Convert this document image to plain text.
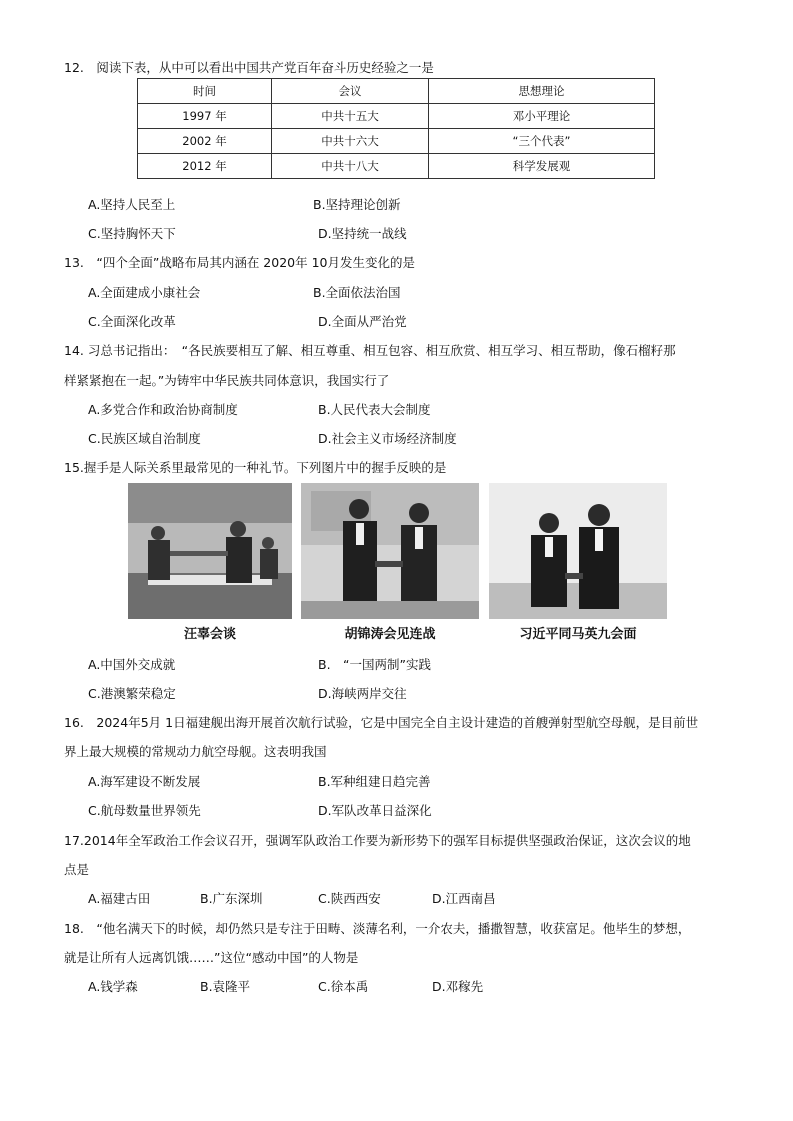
12.　阅读下表，从中可以看出中国共产党百年奋斗历史经验之一是
时间	会议	思想理论
1997 年	中共十五大	邓小平理论
2002 年	中共十六大	“三个代表”
2012 年	中共十八大	科学发展观
A.坚持人民至上	B.坚持理论创新
C.坚持胸怀天下	D.坚持统一战线
13.　“四个全面”战略布局其内涵在 2020年 10月发生变化的是
A.全面建成小康社会	B.全面依法治国
C.全面深化改革	D.全面从严治党
14. 习总书记指出：　“各民族要相互了解、相互尊重、相互包容、相互欣赏、相互学习、相互帮助，像石榴籽那
样紧紧抱在一起。”为铸牢中华民族共同体意识，我国实行了
A.多党合作和政治协商制度	B.人民代表大会制度
C.民族区域自治制度	D.社会主义市场经济制度
15.握手是人际关系里最常见的一种礼节。下列图片中的握手反映的是
汪辜会谈	胡锦涛会见连战	习近平同马英九会面
A.中国外交成就	B.　“一国两制”实践
C.港澳繁荣稳定	D.海峡两岸交往
16.　2024年5月 1日福建舰出海开展首次航行试验，它是中国完全自主设计建造的首艘弹射型航空母舰，是目前世
界上最大规模的常规动力航空母舰。这表明我国
A.海军建设不断发展	B.军种组建日趋完善
C.航母数量世界领先	D.军队改革日益深化
17.2014年全军政治工作会议召开，强调军队政治工作要为新形势下的强军目标提供坚强政治保证，这次会议的地
点是
A.福建古田	B.广东深圳	C.陕西西安	D.江西南昌
18.　“他名满天下的时候，却仍然只是专注于田畴、淡薄名利，一介农夫，播撒智慧，收获富足。他毕生的梦想，
就是让所有人远离饥饿……”这位“感动中国”的人物是
A.钱学森	B.袁隆平	C.徐本禹	D.邓稼先
